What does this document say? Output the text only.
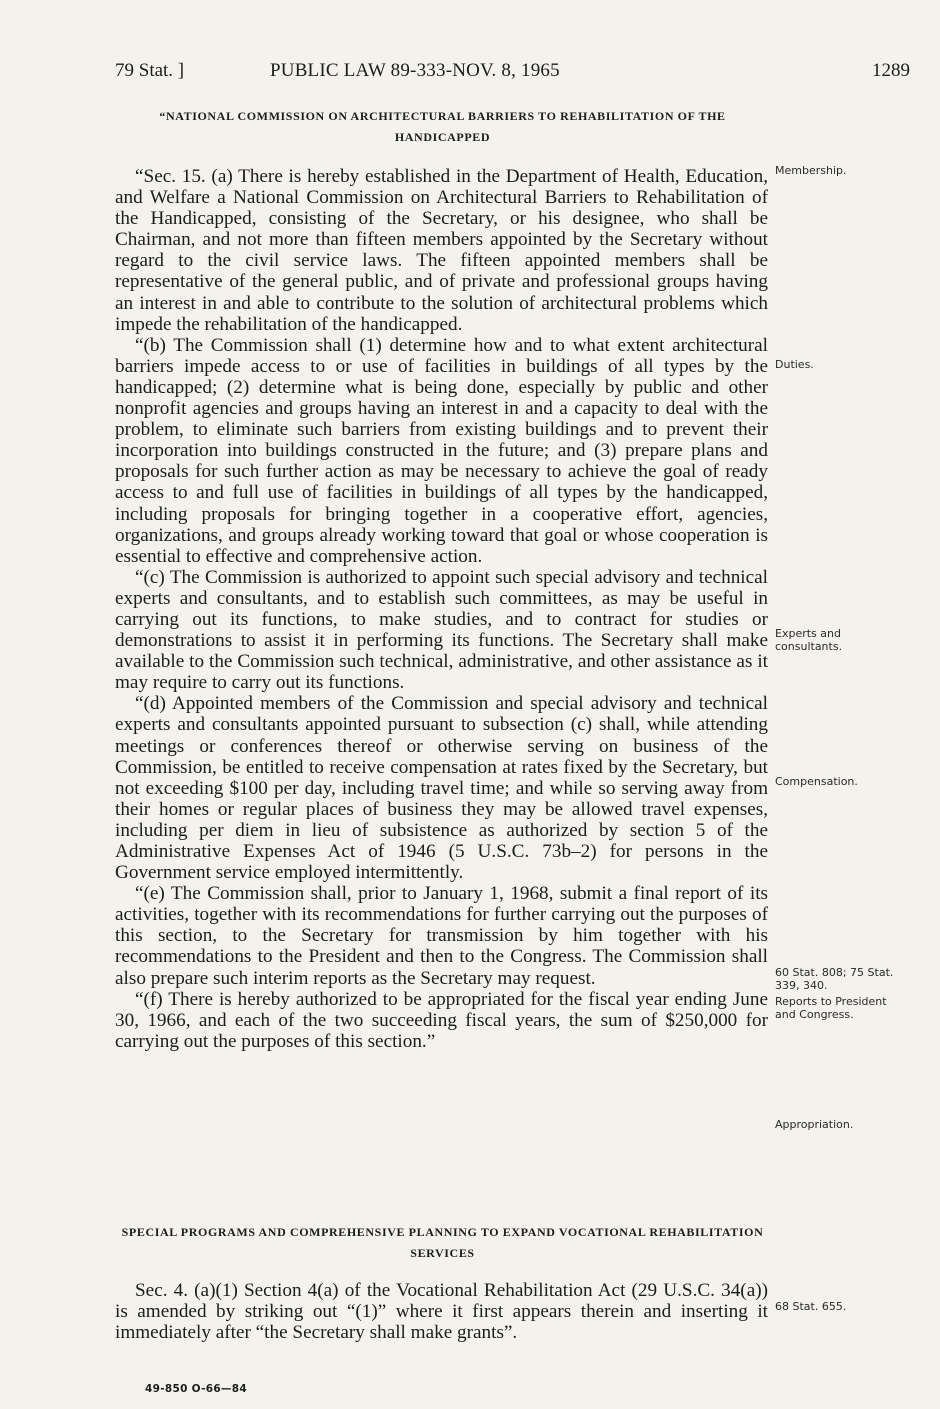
79 Stat. ]	PUBLIC LAW 89-333-NOV. 8, 1965	1289
“NATIONAL COMMISSION ON ARCHITECTURAL BARRIERS TO REHABILITATION OF THE HANDICAPPED

“Sec. 15. (a) There is hereby established in the Department of Health, Education, and Welfare a National Commission on Architectural Barriers to Rehabilitation of the Handicapped, consisting of the Secretary, or his designee, who shall be Chairman, and not more than fifteen members appointed by the Secretary without regard to the civil service laws. The fifteen appointed members shall be representative of the general public, and of private and professional groups having an interest in and able to contribute to the solution of architectural problems which impede the rehabilitation of the handicapped.

“(b) The Commission shall (1) determine how and to what extent architectural barriers impede access to or use of facilities in buildings of all types by the handicapped; (2) determine what is being done, especially by public and other nonprofit agencies and groups having an interest in and a capacity to deal with the problem, to eliminate such barriers from existing buildings and to prevent their incorporation into buildings constructed in the future; and (3) prepare plans and proposals for such further action as may be necessary to achieve the goal of ready access to and full use of facilities in buildings of all types by the handicapped, including proposals for bringing together in a cooperative effort, agencies, organizations, and groups already working toward that goal or whose cooperation is essential to effective and comprehensive action.

“(c) The Commission is authorized to appoint such special advisory and technical experts and consultants, and to establish such committees, as may be useful in carrying out its functions, to make studies, and to contract for studies or demonstrations to assist it in performing its functions. The Secretary shall make available to the Commission such technical, administrative, and other assistance as it may require to carry out its functions.

“(d) Appointed members of the Commission and special advisory and technical experts and consultants appointed pursuant to subsection (c) shall, while attending meetings or conferences thereof or otherwise serving on business of the Commission, be entitled to receive compensation at rates fixed by the Secretary, but not exceeding $100 per day, including travel time; and while so serving away from their homes or regular places of business they may be allowed travel expenses, including per diem in lieu of subsistence as authorized by section 5 of the Administrative Expenses Act of 1946 (5 U.S.C. 73b–2) for persons in the Government service employed intermittently.

“(e) The Commission shall, prior to January 1, 1968, submit a final report of its activities, together with its recommendations for further carrying out the purposes of this section, to the Secretary for transmission by him together with his recommendations to the President and then to the Congress. The Commission shall also prepare such interim reports as the Secretary may request.

“(f) There is hereby authorized to be appropriated for the fiscal year ending June 30, 1966, and each of the two succeeding fiscal years, the sum of $250,000 for carrying out the purposes of this section.”

SPECIAL PROGRAMS AND COMPREHENSIVE PLANNING TO EXPAND VOCATIONAL REHABILITATION SERVICES

Sec. 4. (a)(1) Section 4(a) of the Vocational Rehabilitation Act (29 U.S.C. 34(a)) is amended by striking out “(1)” where it first appears therein and inserting it immediately after “the Secretary shall make grants”.

Membership.
Duties.
Experts and consultants.
Compensation.
60 Stat. 808; 75 Stat. 339, 340.
Reports to President and Congress.
Appropriation.
68 Stat. 655.
49-850 O-66—84
